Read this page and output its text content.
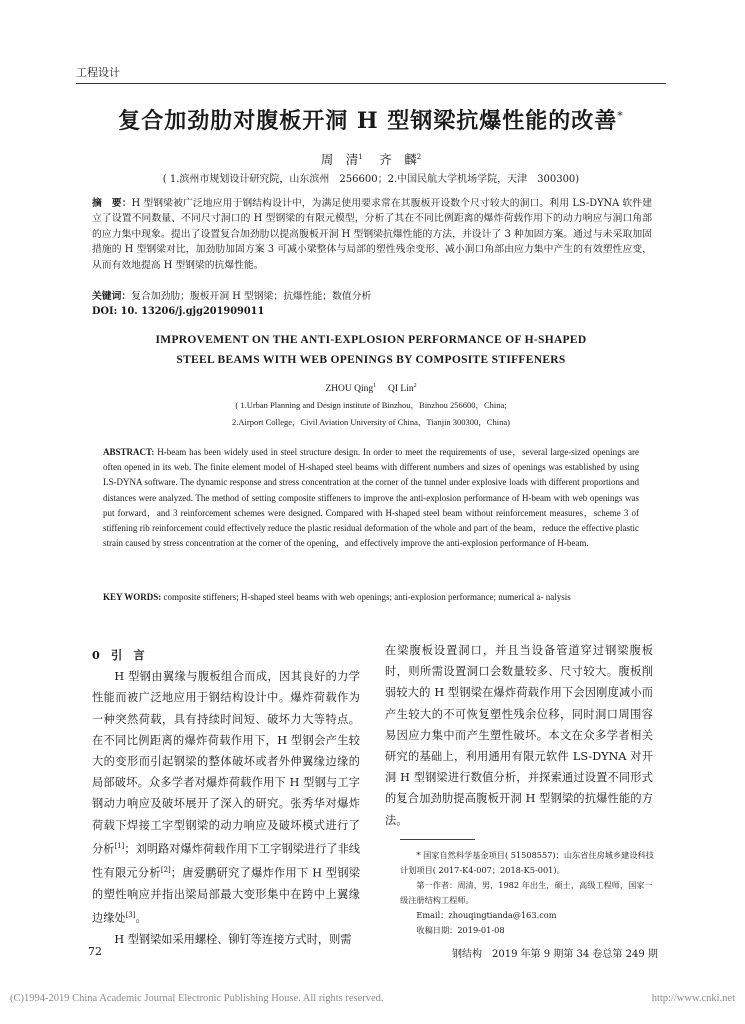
工程设计
复合加劲肋对腹板开洞 H 型钢梁抗爆性能的改善*
周　清$^1$　 齐　麟$^2$
( 1.滨州市规划设计研究院，山东滨州　256600；2.中国民航大学机场学院，天津　300300)
摘　要：H 型钢梁被广泛地应用于钢结构设计中，为满足使用要求常在其腹板开设数个尺寸较大的洞口。利用 LS-DYNA 软件建立了设置不同数量、不同尺寸洞口的 H 型钢梁的有限元模型，分析了其在不同比例距离的爆炸荷载作用下的动力响应与洞口角部的应力集中现象。提出了设置复合加劲肋以提高腹板开洞 H 型钢梁抗爆性能的方法，并设计了 3 种加固方案。通过与未采取加固措施的 H 型钢梁对比，加劲肋加固方案 3 可减小梁整体与局部的塑性残余变形、减小洞口角部由应力集中产生的有效塑性应变，从而有效地提高 H 型钢梁的抗爆性能。
关键词：复合加劲肋；腹板开洞 H 型钢梁；抗爆性能；数值分析
DOI: 10. 13206/j.gjg201909011
IMPROVEMENT ON THE ANTI-EXPLOSION PERFORMANCE OF H-SHAPED
STEEL BEAMS WITH WEB OPENINGS BY COMPOSITE STIFFENERS
ZHOU Qing$^1$　 QI Lin$^2$
( 1.Urban Planning and Design institute of Binzhou，Binzhou 256600，China;
2.Airport College，Civil Aviation University of China，Tianjin 300300，China)
ABSTRACT: H-beam has been widely used in steel structure design. In order to meet the requirements of use，several large-sized openings are often opened in its web. The finite element model of H-shaped steel beams with different numbers and sizes of openings was established by using LS-DYNA software. The dynamic response and stress concentration at the corner of the tunnel under explosive loads with different proportions and distances were analyzed. The method of setting composite stiffeners to improve the anti-explosion performance of H-beam with web openings was put forward，and 3 reinforcement schemes were designed. Compared with H-shaped steel beam without reinforcement measures，scheme 3 of stiffening rib reinforcement could effectively reduce the plastic residual deformation of the whole and part of the beam，reduce the effective plastic strain caused by stress concentration at the corner of the opening，and effectively improve the anti-explosion performance of H-beam.
KEY WORDS: composite stiffeners; H-shaped steel beams with web openings; anti-explosion performance; numerical a- nalysis
0　引　言
H 型钢由翼缘与腹板组合而成，因其良好的力学性能而被广泛地应用于钢结构设计中。爆炸荷载作为一种突然荷载，具有持续时间短、破坏力大等特点。在不同比例距离的爆炸荷载作用下，H 型钢会产生较大的变形而引起钢梁的整体破坏或者外伸翼缘边缘的局部破坏。众多学者对爆炸荷载作用下 H 型钢与工字钢动力响应及破坏展开了深入的研究。张秀华对爆炸荷载下焊接工字型钢梁的动力响应及破坏模式进行了分析[1]；刘明路对爆炸荷载作用下工字钢梁进行了非线性有限元分析[2]；唐爱鹏研究了爆炸作用下 H 型钢梁的塑性响应并指出梁局部最大变形集中在跨中上翼缘边缘处[3]。
H 型钢梁如采用螺栓、铆钉等连接方式时，则需
在梁腹板设置洞口，并且当设备管道穿过钢梁腹板时，则所需设置洞口会数量较多、尺寸较大。腹板削弱较大的 H 型钢梁在爆炸荷载作用下会因刚度减小而产生较大的不可恢复塑性残余位移，同时洞口周围容易因应力集中而产生塑性破坏。本文在众多学者相关研究的基础上，利用通用有限元软件 LS-DYNA 对开洞 H 型钢梁进行数值分析，并探索通过设置不同形式的复合加劲肋提高腹板开洞 H 型钢梁的抗爆性能的方法。
* 国家自然科学基金项目( 51508557)；山东省住房城乡建设科技计划项目( 2017-K4-007；2018-K5-001)。
第一作者：周清，男，1982 年出生，硕士，高级工程师，国家一级注册结构工程师。
Email：zhouqingtianda@163.com
收稿日期：2019-01-08
72	钢结构　2019 年第 9 期第 34 卷总第 249 期
(C)1994-2019 China Academic Journal Electronic Publishing House. All rights reserved.	http://www.cnki.net
